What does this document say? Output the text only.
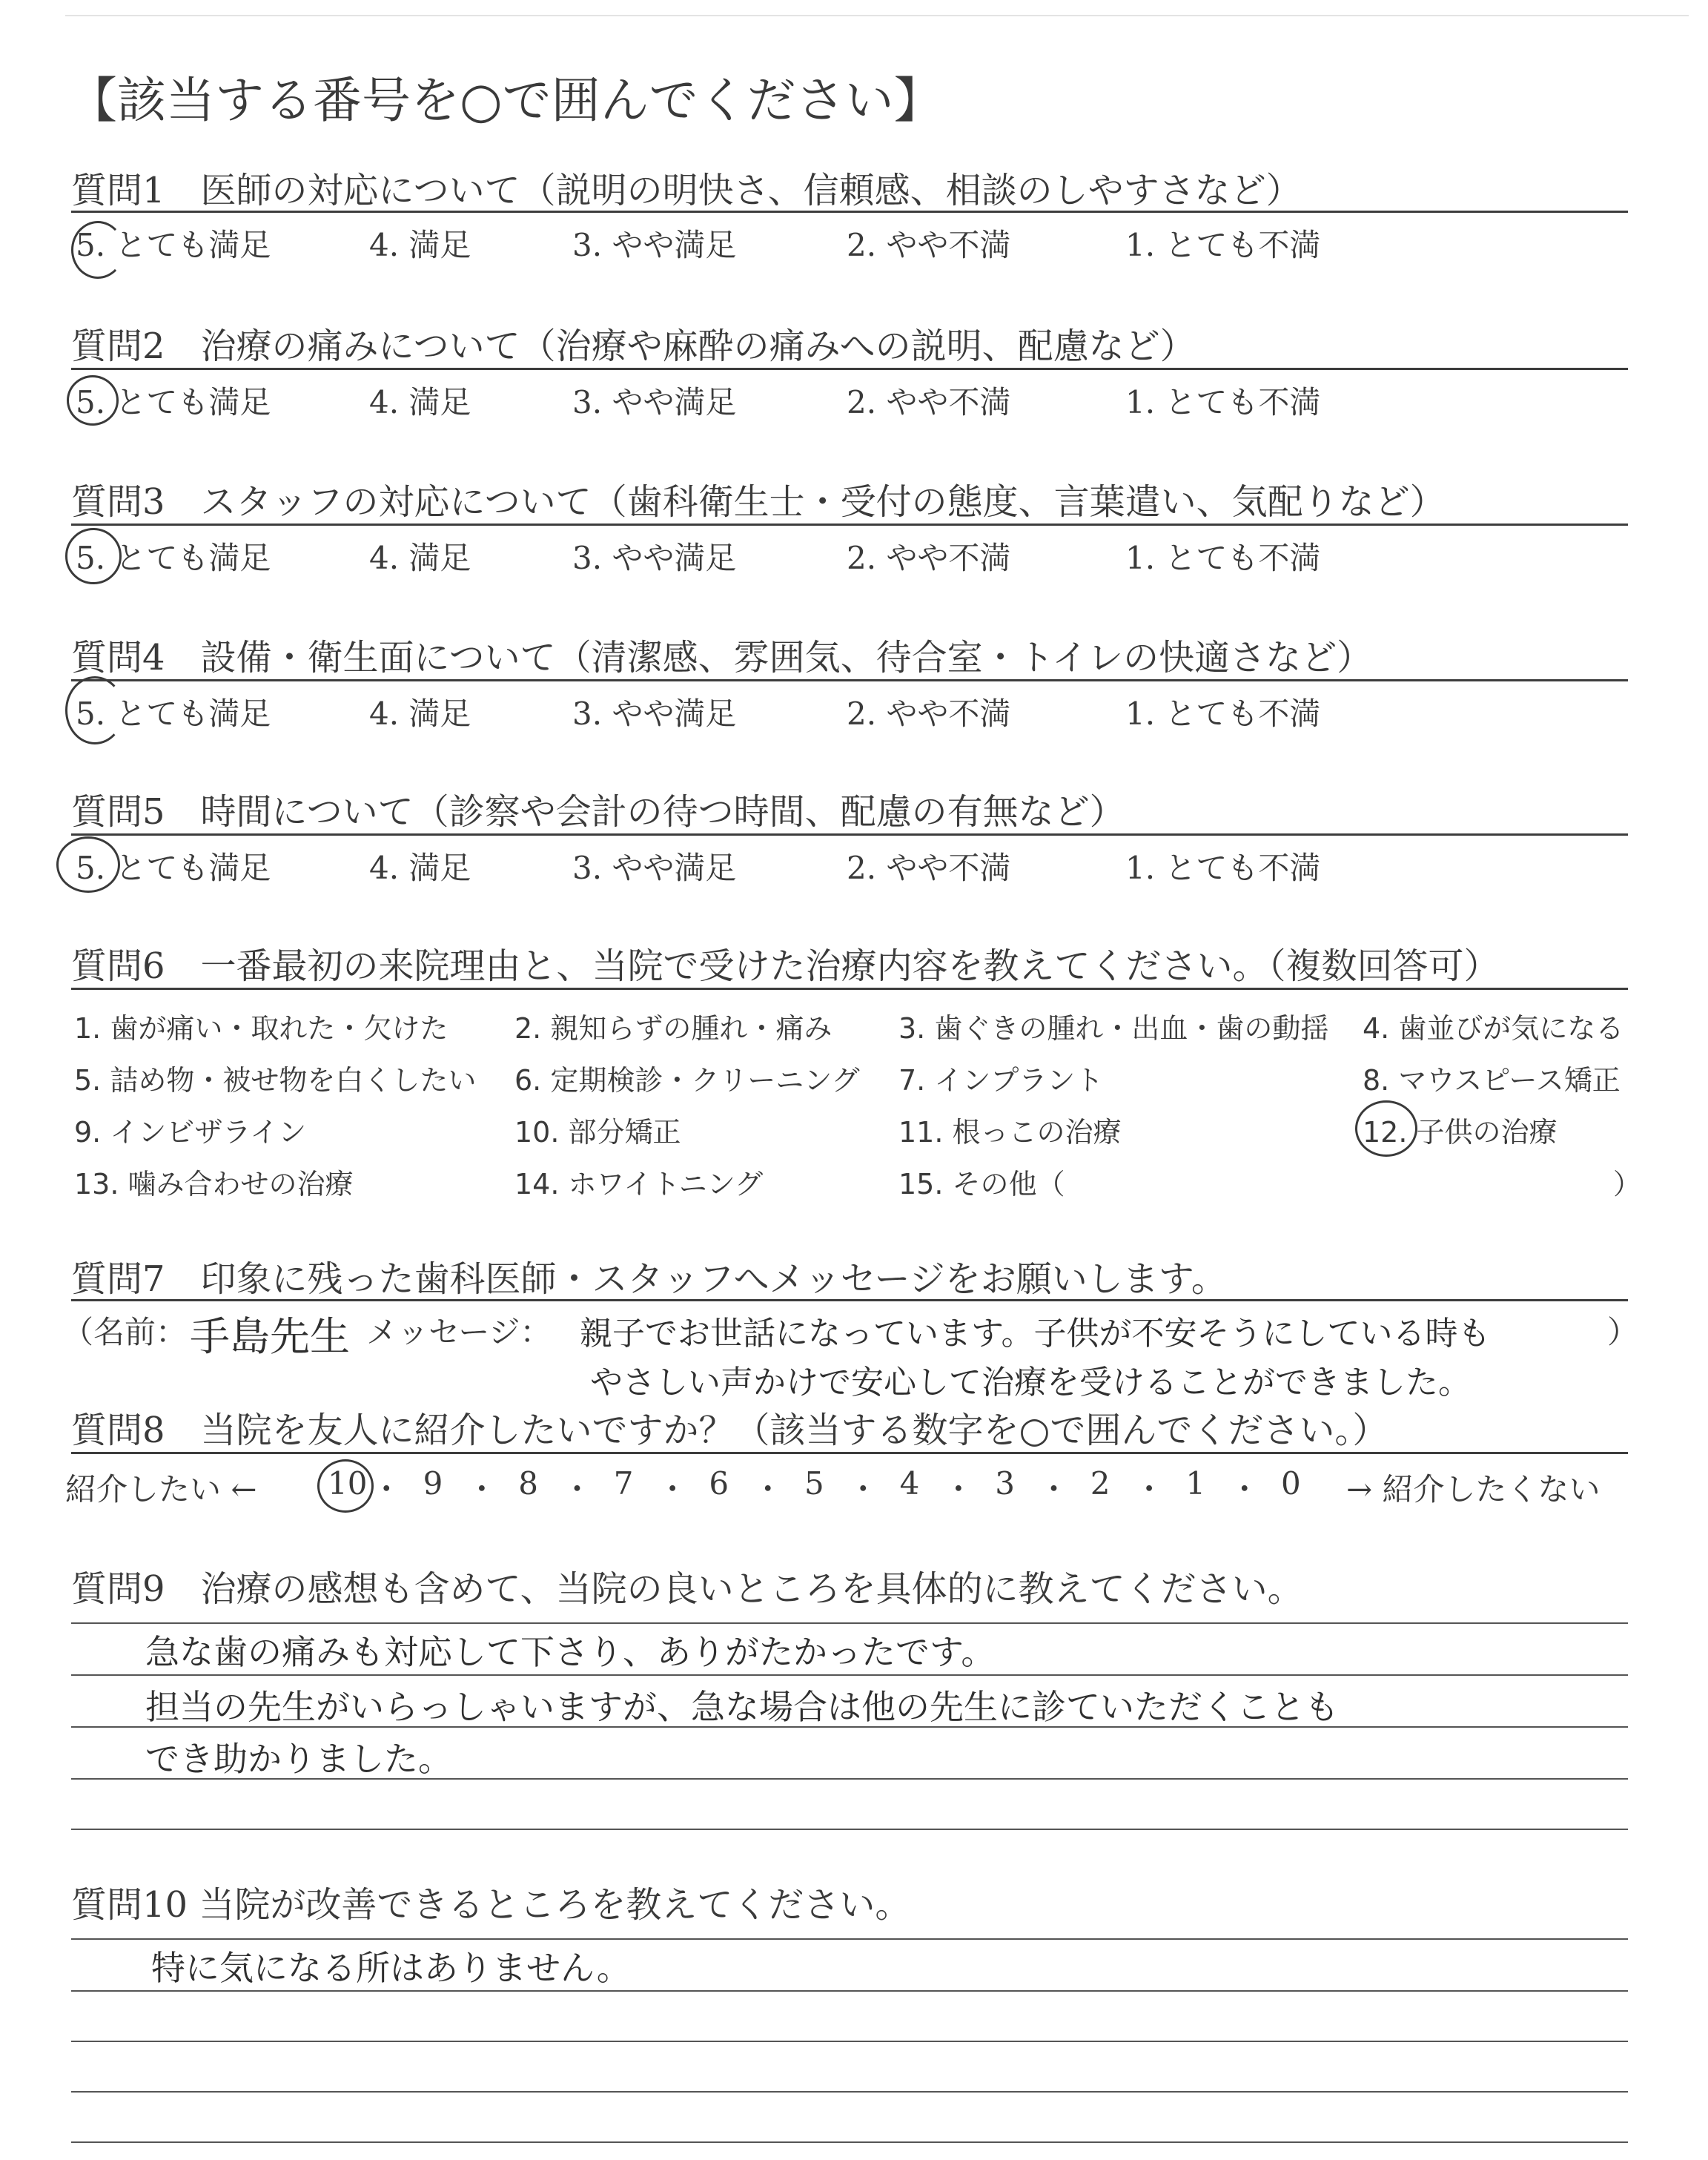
【該当する番号を○で囲んでください】
質問1　医師の対応について（説明の明快さ、信頼感、相談のしやすさなど）
5. とても満足	4. 満足	3. やや満足	2. やや不満	1. とても不満
質問2　治療の痛みについて（治療や麻酔の痛みへの説明、配慮など）
5. とても満足	4. 満足	3. やや満足	2. やや不満	1. とても不満
質問3　スタッフの対応について（歯科衛生士・受付の態度、言葉遣い、気配りなど）
5. とても満足	4. 満足	3. やや満足	2. やや不満	1. とても不満
質問4　設備・衛生面について（清潔感、雰囲気、待合室・トイレの快適さなど）
5. とても満足	4. 満足	3. やや満足	2. やや不満	1. とても不満
質問5　時間について（診察や会計の待つ時間、配慮の有無など）
5. とても満足	4. 満足	3. やや満足	2. やや不満	1. とても不満
質問6　一番最初の来院理由と、当院で受けた治療内容を教えてください。（複数回答可）
1. 歯が痛い・取れた・欠けた 2. 親知らずの腫れ・痛み 3. 歯ぐきの腫れ・出血・歯の動揺 4. 歯並びが気になる
5. 詰め物・被せ物を白くしたい 6. 定期検診・クリーニング 7. インプラント	8. マウスピース矯正
9. インビザライン	10. 部分矯正	11. 根っこの治療	12. 子供の治療
13. 噛み合わせの治療	14. ホワイトニング	15. その他（	）
質問7　印象に残った歯科医師・スタッフへメッセージをお願いします。
（名前： 手島先生 メッセージ： 親子でお世話になっています。子供が不安そうにしている時も
やさしい声かけで安心して治療を受けることができました。
）
質問8　当院を友人に紹介したいですか？（該当する数字を○で囲んでください。）
紹介したい ← 10 ・ 9 ・ 8 ・ 7 ・ 6 ・ 5 ・ 4 ・ 3 ・ 2 ・ 1 ・ 0 → 紹介したくない
質問9　治療の感想も含めて、当院の良いところを具体的に教えてください。
急な歯の痛みも対応して下さり、ありがたかったです。
担当の先生がいらっしゃいますが、急な場合は他の先生に診ていただくことも
でき助かりました。
質問10 当院が改善できるところを教えてください。
特に気になる所はありません。
